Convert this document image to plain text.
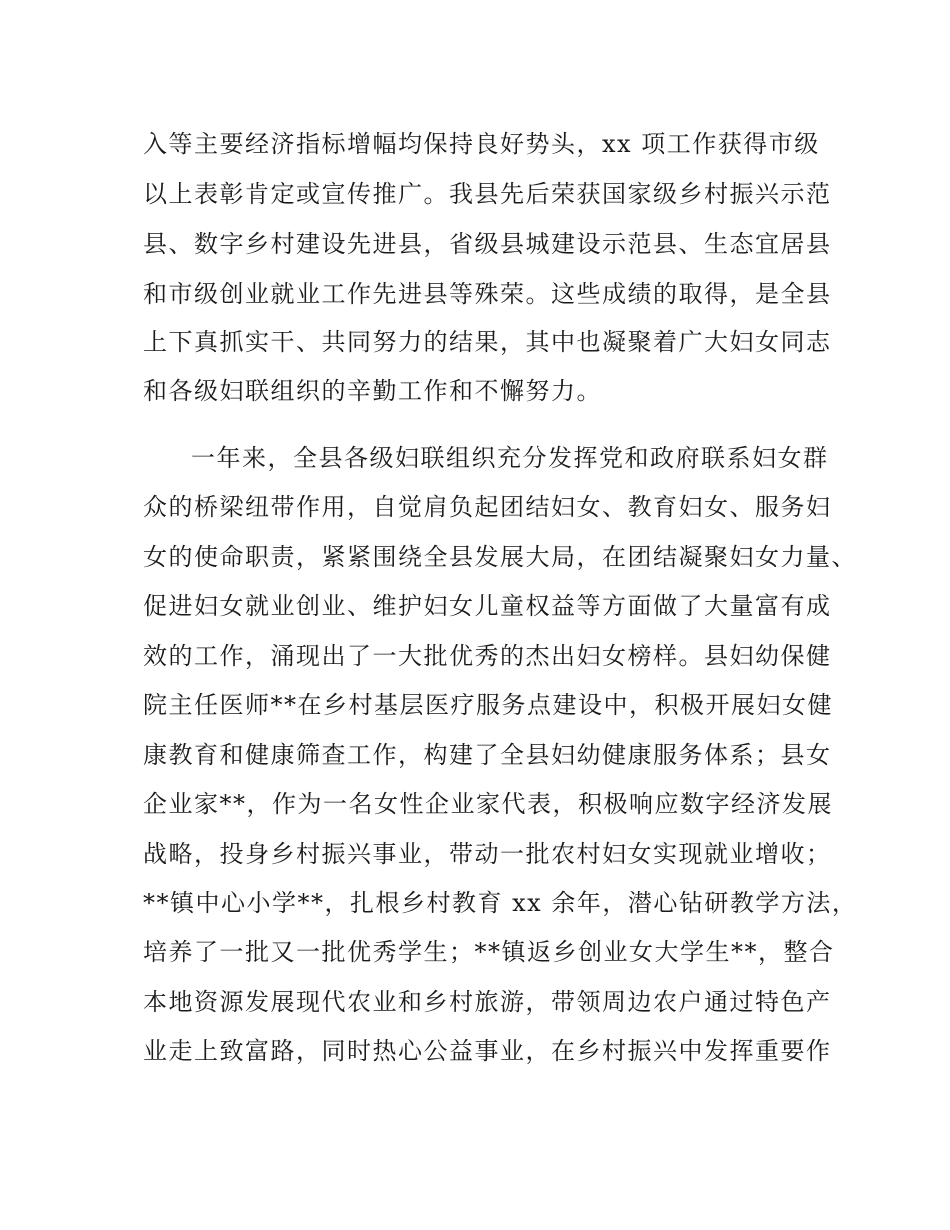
入等主要经济指标增幅均保持良好势头，xx 项工作获得市级
以上表彰肯定或宣传推广。我县先后荣获国家级乡村振兴示范
县、数字乡村建设先进县，省级县城建设示范县、生态宜居县
和市级创业就业工作先进县等殊荣。这些成绩的取得，是全县
上下真抓实干、共同努力的结果，其中也凝聚着广大妇女同志
和各级妇联组织的辛勤工作和不懈努力。
一年来，全县各级妇联组织充分发挥党和政府联系妇女群
众的桥梁纽带作用，自觉肩负起团结妇女、教育妇女、服务妇
女的使命职责，紧紧围绕全县发展大局，在团结凝聚妇女力量、
促进妇女就业创业、维护妇女儿童权益等方面做了大量富有成
效的工作，涌现出了一大批优秀的杰出妇女榜样。县妇幼保健
院主任医师**在乡村基层医疗服务点建设中，积极开展妇女健
康教育和健康筛查工作，构建了全县妇幼健康服务体系；县女
企业家**，作为一名女性企业家代表，积极响应数字经济发展
战略，投身乡村振兴事业，带动一批农村妇女实现就业增收；
**镇中心小学**，扎根乡村教育 xx 余年，潜心钻研教学方法，
培养了一批又一批优秀学生；**镇返乡创业女大学生**，整合
本地资源发展现代农业和乡村旅游，带领周边农户通过特色产
业走上致富路，同时热心公益事业，在乡村振兴中发挥重要作
